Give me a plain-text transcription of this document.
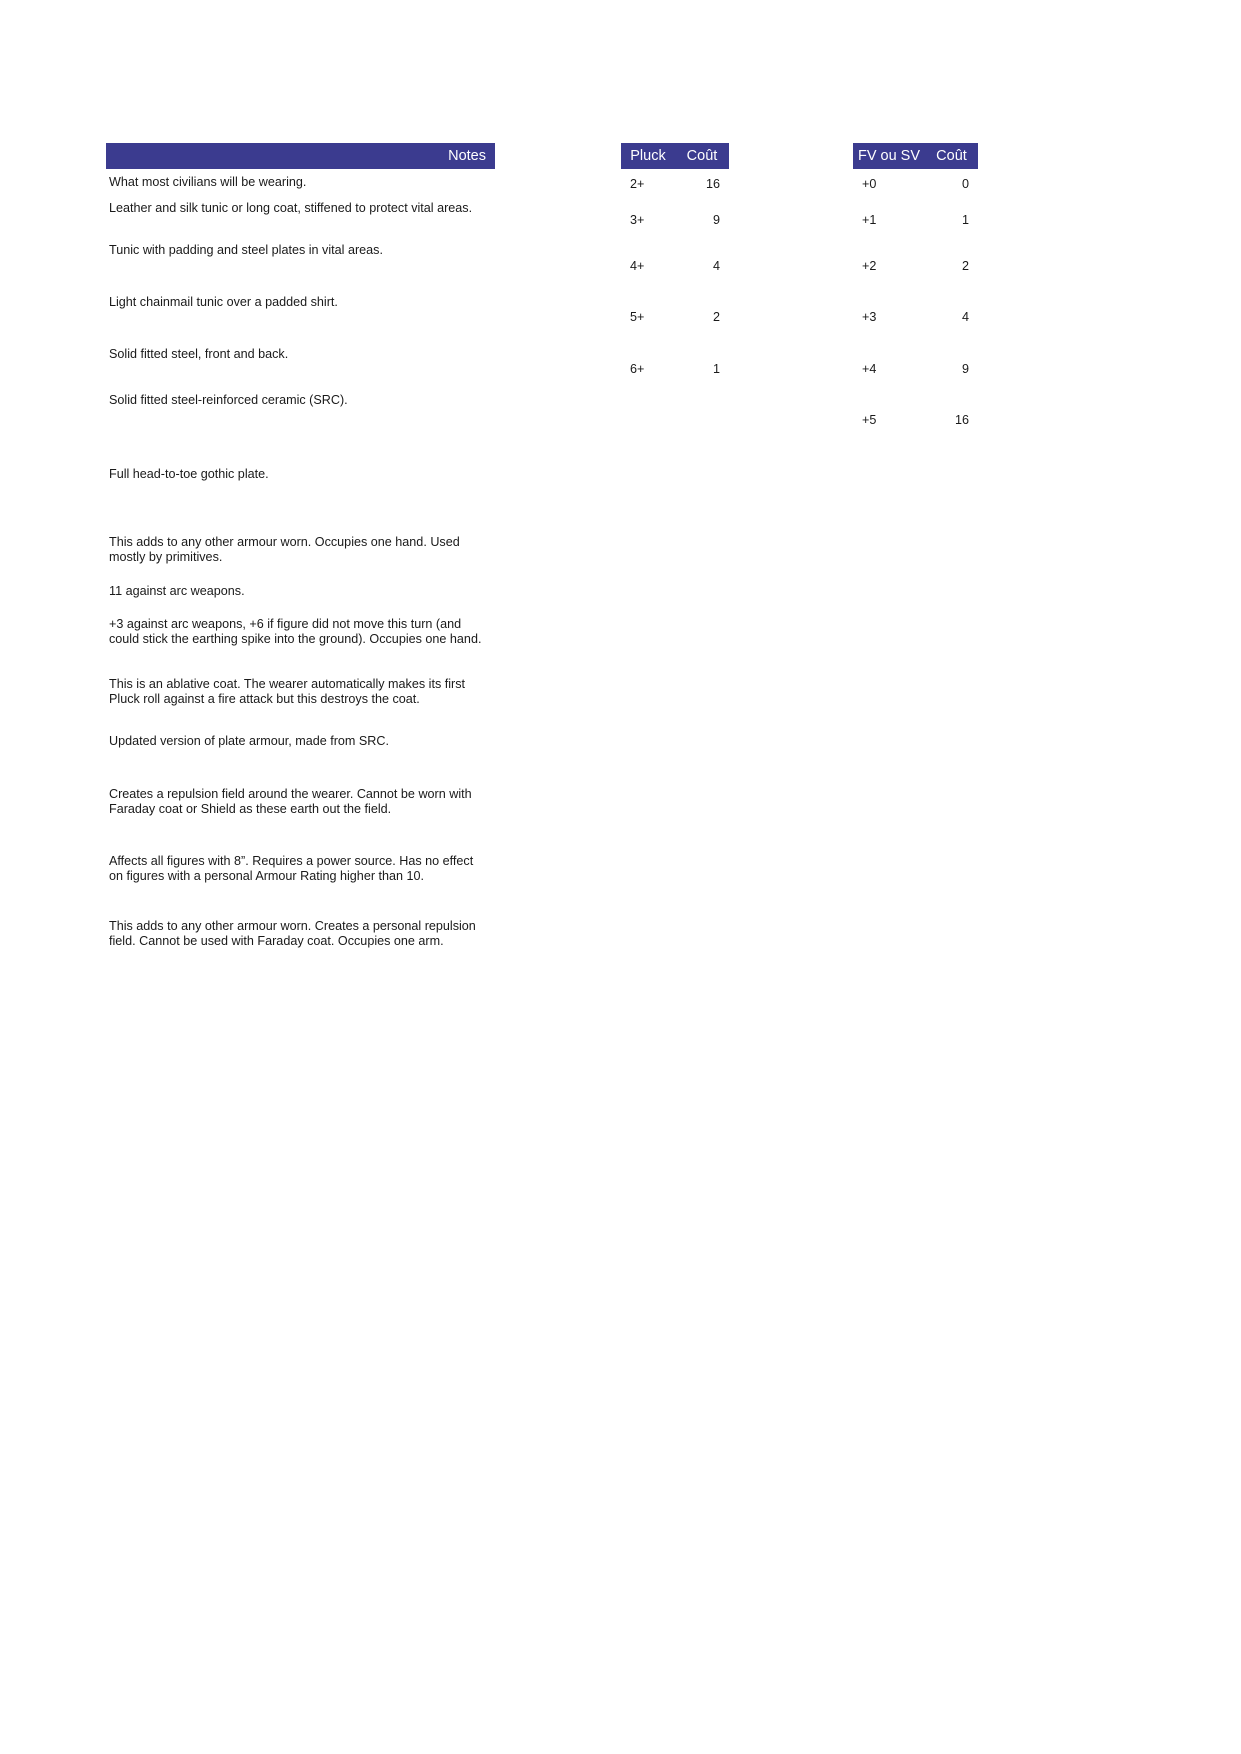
Notes
What most civilians will be wearing.
Leather and silk tunic or long coat, stiffened to protect vital areas.
Tunic with padding and steel plates in vital areas.
Light chainmail tunic over a padded shirt.
Solid fitted steel, front and back.
Solid fitted steel-reinforced ceramic (SRC).
Full head-to-toe gothic plate.
This adds to any other armour worn. Occupies one hand. Used mostly by primitives.
11 against arc weapons.
+3 against arc weapons, +6 if figure did not move this turn (and could stick the earthing spike into the ground). Occupies one hand.
This is an ablative coat. The wearer automatically makes its first Pluck roll against a fire attack but this destroys the coat.
Updated version of plate armour, made from SRC.
Creates a repulsion field around the wearer. Cannot be worn with Faraday coat or Shield as these earth out the field.
Affects all figures with 8”. Requires a power source. Has no effect on figures with a personal Armour Rating higher than 10.
This adds to any other armour worn. Creates a personal repulsion field. Cannot be used with Faraday coat. Occupies one arm.
Pluck	Coût
2+	16
3+	9
4+	4
5+	2
6+	1
FV ou SV	Coût
+0	0
+1	1
+2	2
+3	4
+4	9
+5	16
